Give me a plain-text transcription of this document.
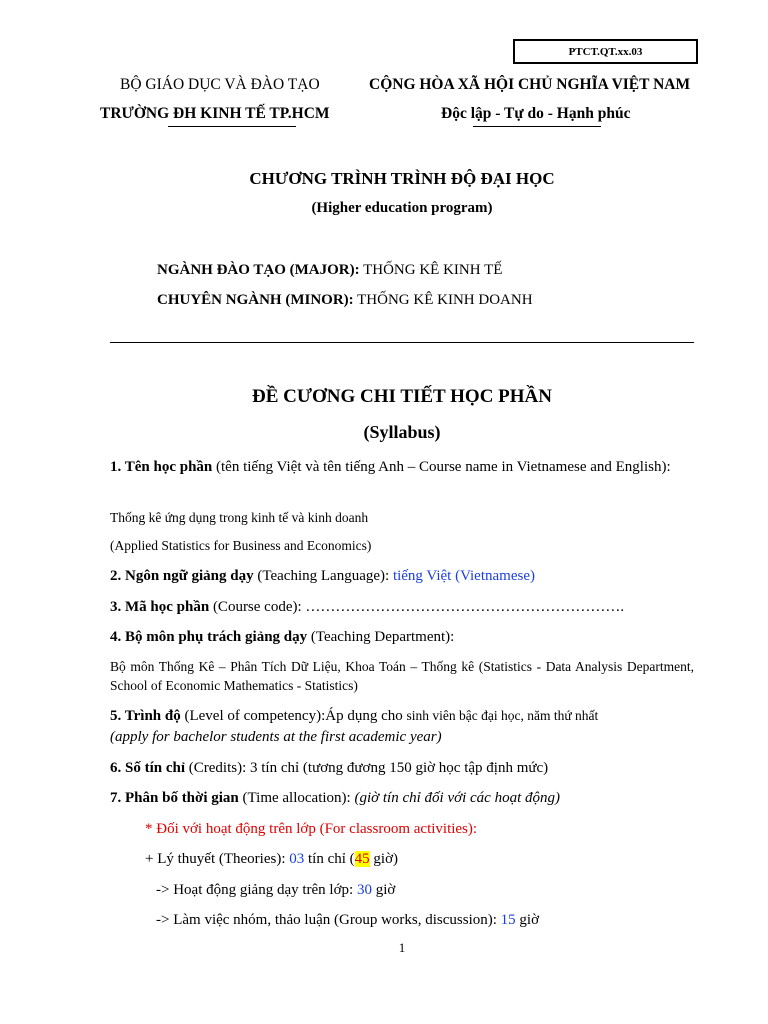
PTCT.QT.xx.03
BỘ GIÁO DỤC VÀ ĐÀO TẠO	CỘNG HÒA XÃ HỘI CHỦ NGHĨA VIỆT NAM
TRƯỜNG ĐH KINH TẾ TP.HCM	Độc lập - Tự do - Hạnh phúc
CHƯƠNG TRÌNH TRÌNH ĐỘ ĐẠI HỌC
(Higher education program)
NGÀNH ĐÀO TẠO (MAJOR): THỐNG KÊ KINH TẾ
CHUYÊN NGÀNH (MINOR): THỐNG KÊ KINH DOANH
ĐỀ CƯƠNG CHI TIẾT HỌC PHẦN
(Syllabus)
1. Tên học phần (tên tiếng Việt và tên tiếng Anh – Course name in Vietnamese and English):
Thống kê ứng dụng trong kinh tế và kinh doanh
(Applied Statistics for Business and Economics)
2. Ngôn ngữ giảng dạy (Teaching Language): tiếng Việt (Vietnamese)
3. Mã học phần (Course code): ……………………………………………………….
4. Bộ môn phụ trách giảng dạy (Teaching Department):
Bộ môn Thống Kê – Phân Tích Dữ Liệu, Khoa Toán – Thống kê (Statistics - Data Analysis Department, School of Economic Mathematics - Statistics)
5. Trình độ (Level of competency):Áp dụng cho sinh viên bậc đại học, năm thứ nhất
(apply for bachelor students at the first academic year)
6. Số tín chỉ (Credits): 3 tín chỉ (tương đương 150 giờ học tập định mức)
7. Phân bố thời gian (Time allocation): (giờ tín chỉ đối với các hoạt động)
* Đối với hoạt động trên lớp (For classroom activities):
+ Lý thuyết (Theories): 03 tín chỉ (45 giờ)
-> Hoạt động giảng dạy trên lớp: 30 giờ
-> Làm việc nhóm, thảo luận (Group works, discussion): 15 giờ
1
